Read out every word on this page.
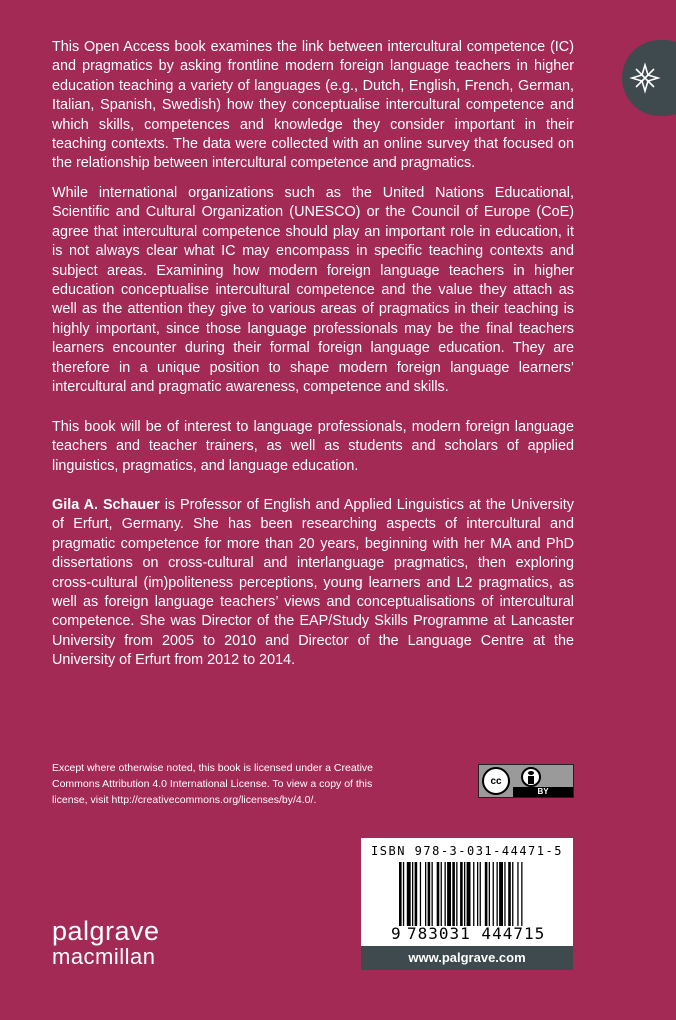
This Open Access book examines the link between intercultural competence (IC) and pragmatics by asking frontline modern foreign language teachers in higher education teaching a variety of languages (e.g., Dutch, English, French, German, Italian, Spanish, Swedish) how they conceptualise intercultural competence and which skills, competences and knowledge they consider important in their teaching contexts. The data were collected with an online survey that focused on the relationship between intercultural competence and pragmatics.

While international organizations such as the United Nations Educational, Scientific and Cultural Organization (UNESCO) or the Council of Europe (CoE) agree that intercultural competence should play an important role in education, it is not always clear what IC may encompass in specific teaching contexts and subject areas. Examining how modern foreign language teachers in higher education conceptualise intercultural competence and the value they attach as well as the attention they give to various areas of pragmatics in their teaching is highly important, since those language professionals may be the final teachers learners encounter during their formal foreign language education. They are therefore in a unique position to shape modern foreign language learners’ intercultural and pragmatic awareness, competence and skills.

This book will be of interest to language professionals, modern foreign language teachers and teacher trainers, as well as students and scholars of applied linguistics, pragmatics, and language education.

Gila A. Schauer is Professor of English and Applied Linguistics at the University of Erfurt, Germany. She has been researching aspects of intercultural and pragmatic competence for more than 20 years, beginning with her MA and PhD dissertations on cross-cultural and interlanguage pragmatics, then exploring cross-cultural (im)politeness perceptions, young learners and L2 pragmatics, as well as foreign language teachers’ views and conceptualisations of intercultural competence. She was Director of the EAP/Study Skills Programme at Lancaster University from 2005 to 2010 and Director of the Language Centre at the University of Erfurt from 2012 to 2014.

Except where otherwise noted, this book is licensed under a Creative Commons Attribution 4.0 International License. To view a copy of this license, visit http://creativecommons.org/licenses/by/4.0/.

cc
BY
ISBN 978-3-031-44471-5
9 783031 444715
www.palgrave.com
palgrave
macmillan
